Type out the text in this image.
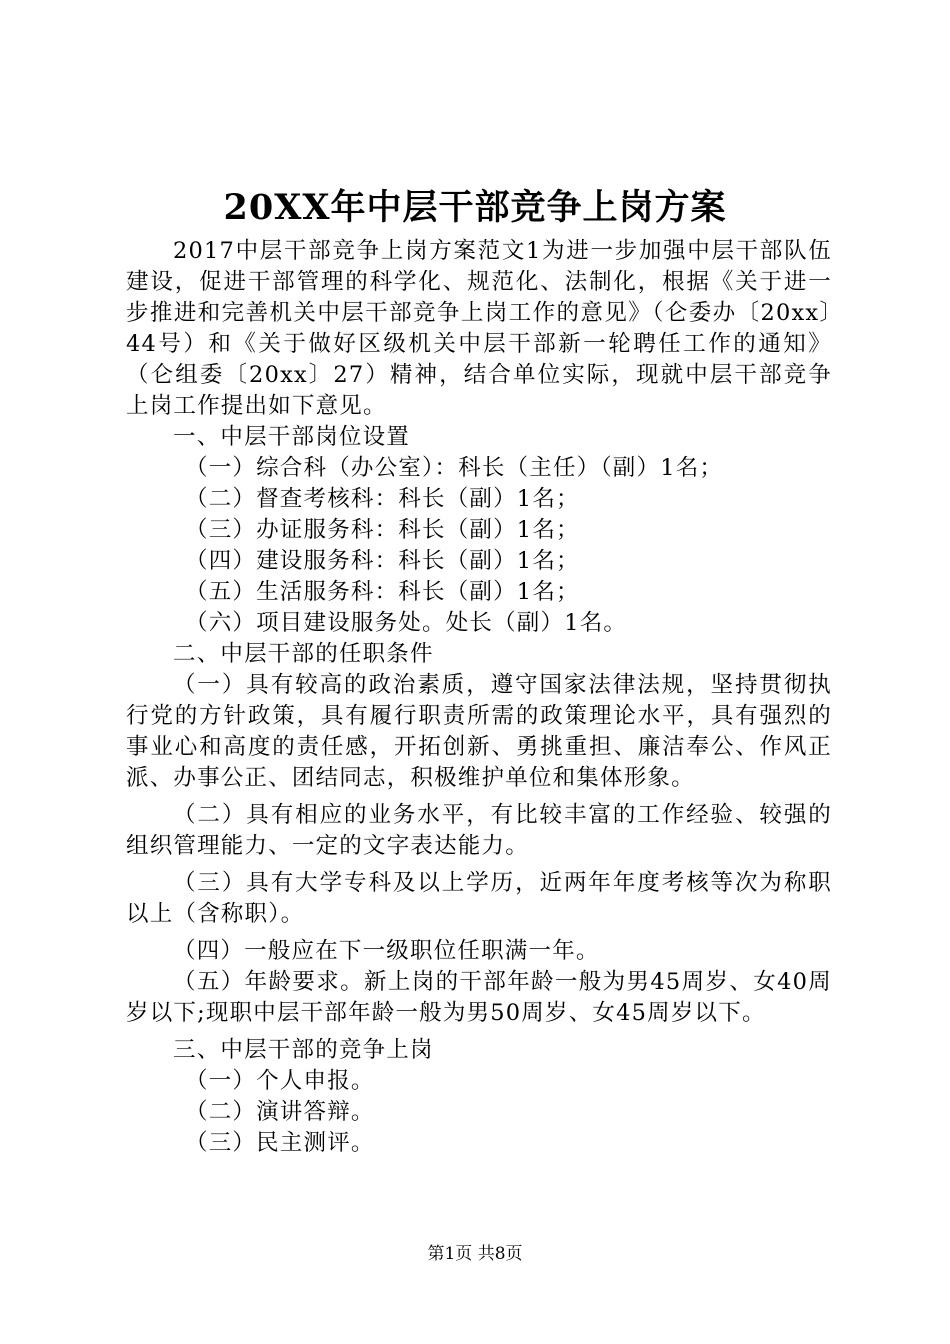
20XX年中层干部竞争上岗方案

2017中层干部竞争上岗方案范文1为进一步加强中层干部队伍建设，促进干部管理的科学化、规范化、法制化，根据《关于进一步推进和完善机关中层干部竞争上岗工作的意见》（仑委办〔20xx〕44号）和《关于做好区级机关中层干部新一轮聘任工作的通知》（仑组委〔20xx〕27）精神，结合单位实际，现就中层干部竞争上岗工作提出如下意见。

一、中层干部岗位设置

（一）综合科（办公室）：科长（主任）（副）1名；

（二）督查考核科：科长（副）1名；

（三）办证服务科：科长（副）1名；

（四）建设服务科：科长（副）1名；

（五）生活服务科：科长（副）1名；

（六）项目建设服务处。处长（副）1名。

二、中层干部的任职条件

（一）具有较高的政治素质，遵守国家法律法规，坚持贯彻执行党的方针政策，具有履行职责所需的政策理论水平，具有强烈的事业心和高度的责任感，开拓创新、勇挑重担、廉洁奉公、作风正派、办事公正、团结同志，积极维护单位和集体形象。

（二）具有相应的业务水平，有比较丰富的工作经验、较强的组织管理能力、一定的文字表达能力。

（三）具有大学专科及以上学历，近两年年度考核等次为称职以上（含称职）。

（四）一般应在下一级职位任职满一年。

（五）年龄要求。新上岗的干部年龄一般为男45周岁、女40周岁以下;现职中层干部年龄一般为男50周岁、女45周岁以下。

三、中层干部的竞争上岗

（一）个人申报。

（二）演讲答辩。

（三）民主测评。

第1页 共8页
